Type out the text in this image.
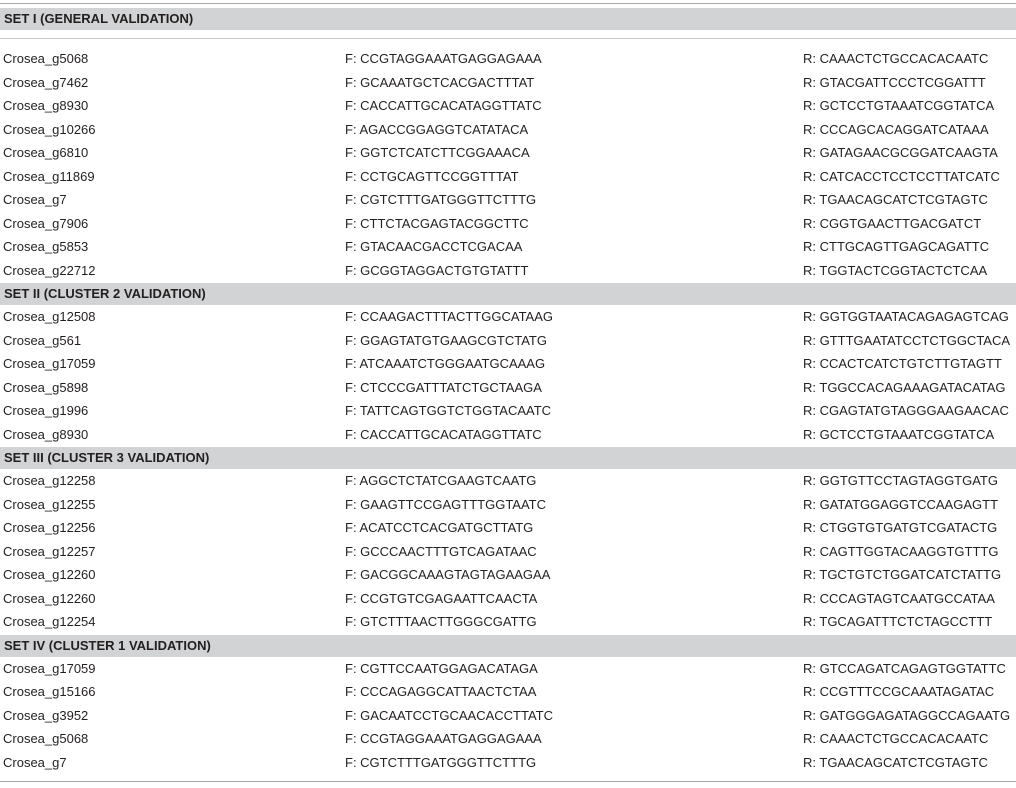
SET I (GENERAL VALIDATION)
Crosea_g5068	F: CCGTAGGAAATGAGGAGAAA	R: CAAACTCTGCCACACAATC
Crosea_g7462	F: GCAAATGCTCACGACTTTAT	R: GTACGATTCCCTCGGATTT
Crosea_g8930	F: CACCATTGCACATAGGTTATC	R: GCTCCTGTAAATCGGTATCA
Crosea_g10266	F: AGACCGGAGGTCATATACA	R: CCCAGCACAGGATCATAAA
Crosea_g6810	F: GGTCTCATCTTCGGAAACA	R: GATAGAACGCGGATCAAGTA
Crosea_g11869	F: CCTGCAGTTCCGGTTTAT	R: CATCACCTCCTCCTTATCATC
Crosea_g7	F: CGTCTTTGATGGGTTCTTTG	R: TGAACAGCATCTCGTAGTC
Crosea_g7906	F: CTTCTACGAGTACGGCTTC	R: CGGTGAACTTGACGATCT
Crosea_g5853	F: GTACAACGACCTCGACAA	R: CTTGCAGTTGAGCAGATTC
Crosea_g22712	F: GCGGTAGGACTGTGTATTT	R: TGGTACTCGGTACTCTCAA
SET II (CLUSTER 2 VALIDATION)
Crosea_g12508	F: CCAAGACTTTACTTGGCATAAG	R: GGTGGTAATACAGAGAGTCAG
Crosea_g561	F: GGAGTATGTGAAGCGTCTATG	R: GTTTGAATATCCTCTGGCTACA
Crosea_g17059	F: ATCAAATCTGGGAATGCAAAG	R: CCACTCATCTGTCTTGTAGTT
Crosea_g5898	F: CTCCCGATTTATCTGCTAAGA	R: TGGCCACAGAAAGATACATAG
Crosea_g1996	F: TATTCAGTGGTCTGGTACAATC	R: CGAGTATGTAGGGAAGAACAC
Crosea_g8930	F: CACCATTGCACATAGGTTATC	R: GCTCCTGTAAATCGGTATCA
SET III (CLUSTER 3 VALIDATION)
Crosea_g12258	F: AGGCTCTATCGAAGTCAATG	R: GGTGTTCCTAGTAGGTGATG
Crosea_g12255	F: GAAGTTCCGAGTTTGGTAATC	R: GATATGGAGGTCCAAGAGTT
Crosea_g12256	F: ACATCCTCACGATGCTTATG	R: CTGGTGTGATGTCGATACTG
Crosea_g12257	F: GCCCAACTTTGTCAGATAAC	R: CAGTTGGTACAAGGTGTTTG
Crosea_g12260	F: GACGGCAAAGTAGTAGAAGAA	R: TGCTGTCTGGATCATCTATTG
Crosea_g12260	F: CCGTGTCGAGAATTCAACTA	R: CCCAGTAGTCAATGCCATAA
Crosea_g12254	F: GTCTTTAACTTGGGCGATTG	R: TGCAGATTTCTCTAGCCTTT
SET IV (CLUSTER 1 VALIDATION)
Crosea_g17059	F: CGTTCCAATGGAGACATAGA	R: GTCCAGATCAGAGTGGTATTC
Crosea_g15166	F: CCCAGAGGCATTAACTCTAA	R: CCGTTTCCGCAAATAGATAC
Crosea_g3952	F: GACAATCCTGCAACACCTTATC	R: GATGGGAGATAGGCCAGAATG
Crosea_g5068	F: CCGTAGGAAATGAGGAGAAA	R: CAAACTCTGCCACACAATC
Crosea_g7	F: CGTCTTTGATGGGTTCTTTG	R: TGAACAGCATCTCGTAGTC
